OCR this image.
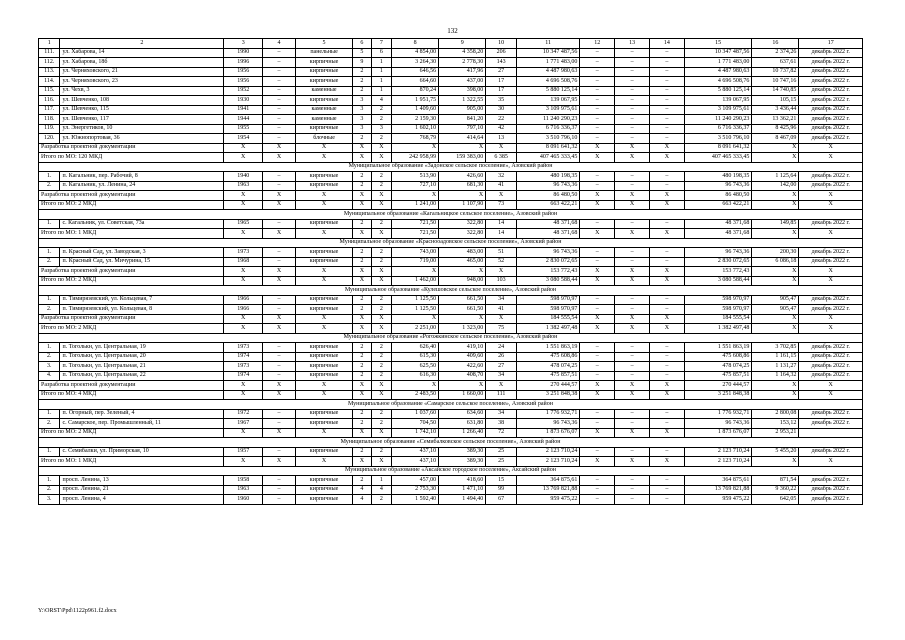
132
1	2	3	4	5	6	7	8	9	10	11	12	13	14	15	16	17
111.	ул. Хабарова, 14	1990	–	панельные	5	6	4 854,00	4 358,20	206	10 347 487,56	–	–	–	10 347 487,56	2 374,26	декабрь 2022 г.
112.	ул. Хабарова, 18б	1996	–	кирпичные	9	1	3 264,30	2 778,30	143	1 771 483,00	–	–	–	1 771 483,00	637,61	декабрь 2022 г.
113.	ул. Черняховского, 21	1956	–	кирпичные	2	1	646,56	417,96	27	4 487 980,63	–	–	–	4 487 980,63	10 737,82	декабрь 2022 г.
114.	ул. Черняховского, 23	1956	–	кирпичные	2	1	664,60	437,00	17	4 696 508,76	–	–	–	4 696 508,76	10 747,16	декабрь 2022 г.
115.	ул. Чехв, 3	1952	–	каменные	2	1	870,24	398,00	17	5 880 125,14	–	–	–	5 880 125,14	14 740,85	декабрь 2022 г.
116.	ул. Шевченко, 108	1930	–	кирпичные	3	4	1 951,75	1 322,55	35	139 067,95	–	–	–	139 067,95	105,15	декабрь 2022 г.
117.	ул. Шевченко, 115	1941	–	каменные	3	2	1 409,60	905,00	30	3 109 975,61	–	–	–	3 109 975,61	3 436,44	декабрь 2022 г.
118.	ул. Шевченко, 117	1944	–	каменные	3	2	2 159,30	841,20	22	11 240 290,23	–	–	–	11 240 290,23	13 362,21	декабрь 2022 г.
119.	ул. Энергетиков, 10	1955	–	кирпичные	3	3	1 602,10	797,10	42	6 716 336,37	–	–	–	6 716 336,37	8 425,96	декабрь 2022 г.
120.	ул. Южнопортовая, 36	1954	–	блочные	2	2	768,79	414,64	13	3 510 796,10	–	–	–	3 510 796,10	8 467,09	декабрь 2022 г.
Разработка проектной документации		X	X	X	X	X	X	X	X	8 091 641,32	X	X	X	8 091 641,32	X	X
Итого по МО: 120 МКД		X	X	X	X	X	242 958,99	159 383,00	6 385	407 465 333,45	X	X	X	407 465 333,45	X	X
Муниципальное образование «Задонское сельское поселение», Азовский район																
1.	п. Кагальник, пер. Рабочий, 8	1940	–	кирпичные	2	2	513,90	426,60	32	480 198,35	–	–	–	480 198,35	1 125,64	декабрь 2022 г.
2.	п. Кагальник, ул. Ленина, 24	1963	–	кирпичные	2	2	727,10	681,30	41	96 743,36	–	–	–	96 743,36	142,00	декабрь 2022 г.
Разработка проектной документации		X	X	X	X	X	X	X	X	86 480,50	X	X	X	86 480,50	X	X
Итого по МО: 2 МКД		X	X	X	X	X	1 241,00	1 107,90	73	663 422,21	X	X	X	663 422,21	X	X
Муниципальное образование «Кагальницкое сельское поселение», Азовский район																
1.	с. Кагальник, ул. Советская, 73а	1965	–	кирпичные	2	2	721,50	322,80	14	48 371,68	–	–	–	48 371,68	149,85	декабрь 2022 г.
Итого по МО: 1 МКД		X	X	X	X	X	721,50	322,80	14	48 371,68	X	X	X	48 371,68	X	X
Муниципальное образование «Краснооадовское сельское поселение», Азовский район																
1.	п. Красный Сад, ул. Заводская, 3	1973	–	кирпичные	2	2	743,00	483,00	51	96 743,36	–	–	–	96 743,36	200,30	декабрь 2022 г.
2.	п. Красный Сад, ул. Мичурина, 15	1968	–	кирпичные	2	2	719,00	465,00	52	2 830 072,65	–	–	–	2 830 072,65	6 086,18	декабрь 2022 г.
Разработка проектной документации		X	X	X	X	X	X	X	X	153 772,43	X	X	X	153 772,43	X	X
Итого по МО: 2 МКД		X	X	X	X	X	1 462,00	948,00	103	3 080 588,44	X	X	X	3 080 588,44	X	X
Муниципальное образование «Кулешовское сельское поселение», Азовский район																
1.	п. Тимирязевский, ул. Кольцевая, 7	1966	–	кирпичные	2	2	1 125,50	661,50	34	598 970,97	–	–	–	598 970,97	905,47	декабрь 2022 г.
2.	п. Тимирязевский, ул. Кольцевая, 8	1966	–	кирпичные	2	2	1 125,50	661,50	41	598 970,97	–	–	–	598 970,97	905,47	декабрь 2022 г.
Разработка проектной документации		X	X	X	X	X	X	X	X	184 555,54	X	X	X	184 555,54	X	X
Итого по МО: 2 МКД		X	X	X	X	X	2 251,00	1 323,00	75	1 382 497,48	X	X	X	1 382 497,48	X	X
Муниципальное образование «Рогожкинское сельское поселение», Азовский район																
1.	п. Тоголькн, ул. Центральная, 19	1973	–	кирпичные	2	2	626,40	419,10	24	1 551 863,19	–	–	–	1 551 863,19	3 702,85	декабрь 2022 г.
2.	п. Тоголькн, ул. Центральная, 20	1974	–	кирпичные	2	2	615,30	409,60	26	475 608,86	–	–	–	475 608,86	1 161,15	декабрь 2022 г.
3.	п. Тоголькн, ул. Центральная, 21	1973	–	кирпичные	2	2	625,50	422,60	27	478 074,25	–	–	–	478 074,25	1 131,27	декабрь 2022 г.
4.	п. Тоголькн, ул. Центральная, 22	1974	–	кирпичные	2	2	616,30	408,70	34	475 857,51	–	–	–	475 857,51	1 164,32	декабрь 2022 г.
Разработка проектной документации		X	X	X	X	X	X	X	X	270 444,57	X	X	X	270 444,57	X	X
Итого по МО: 4 МКД		X	X	X	X	X	2 483,50	1 660,00	111	3 251 848,38	X	X	X	3 251 848,38	X	X
Муниципальное образование «Самарское сельское поселение», Азовский район																
1.	п. Огорный, пер. Зеленый, 4	1972	–	кирпичные	2	2	1 037,60	634,60	34	1 776 932,71	–	–	–	1 776 932,71	2 800,08	декабрь 2022 г.
2.	с. Самарское, пер. Промышленный, 11	1967	–	кирпичные	2	2	704,50	631,80	38	96 743,36	–	–	–	96 743,36	153,12	декабрь 2022 г.
Итого по МО: 2 МКД		X	X	X	X	X	1 742,10	1 266,40	72	1 873 676,07	X	X	X	1 873 676,07	2 953,21	
Муниципальное образование «Семибалковское сельское поселение», Азовский район																
1.	с. Семибалки, ул. Приморская, 10	1957	–	кирпичные	2	2	437,10	389,30	25	2 123 710,24	–	–	–	2 123 710,24	5 455,20	декабрь 2022 г.
Итого по МО: 1 МКД		X	X	X	X	X	437,10	389,30	25	2 123 710,24	X	X	X	2 123 710,24	X	X
Муниципальное образование «Аксайское городское поселение», Аксайский район																
1.	просп. Ленина, 13	1958	–	кирпичные	2	1	457,00	418,60	15	364 875,61	–	–	–	364 875,61	871,54	декабрь 2022 г.
2.	просп. Ленина, 21	1963	–	кирпичные	4	4	2 753,30	1 471,10	99	13 769 821,88	–	–	–	13 769 821,88	9 360,22	декабрь 2022 г.
3.	просп. Ленина, 4	1960	–	кирпичные	4	2	1 592,40	1 494,40	67	959 475,22	–	–	–	959 475,22	642,05	декабрь 2022 г.
Y:\ORST\Ppd\1122p961.f2.docx
